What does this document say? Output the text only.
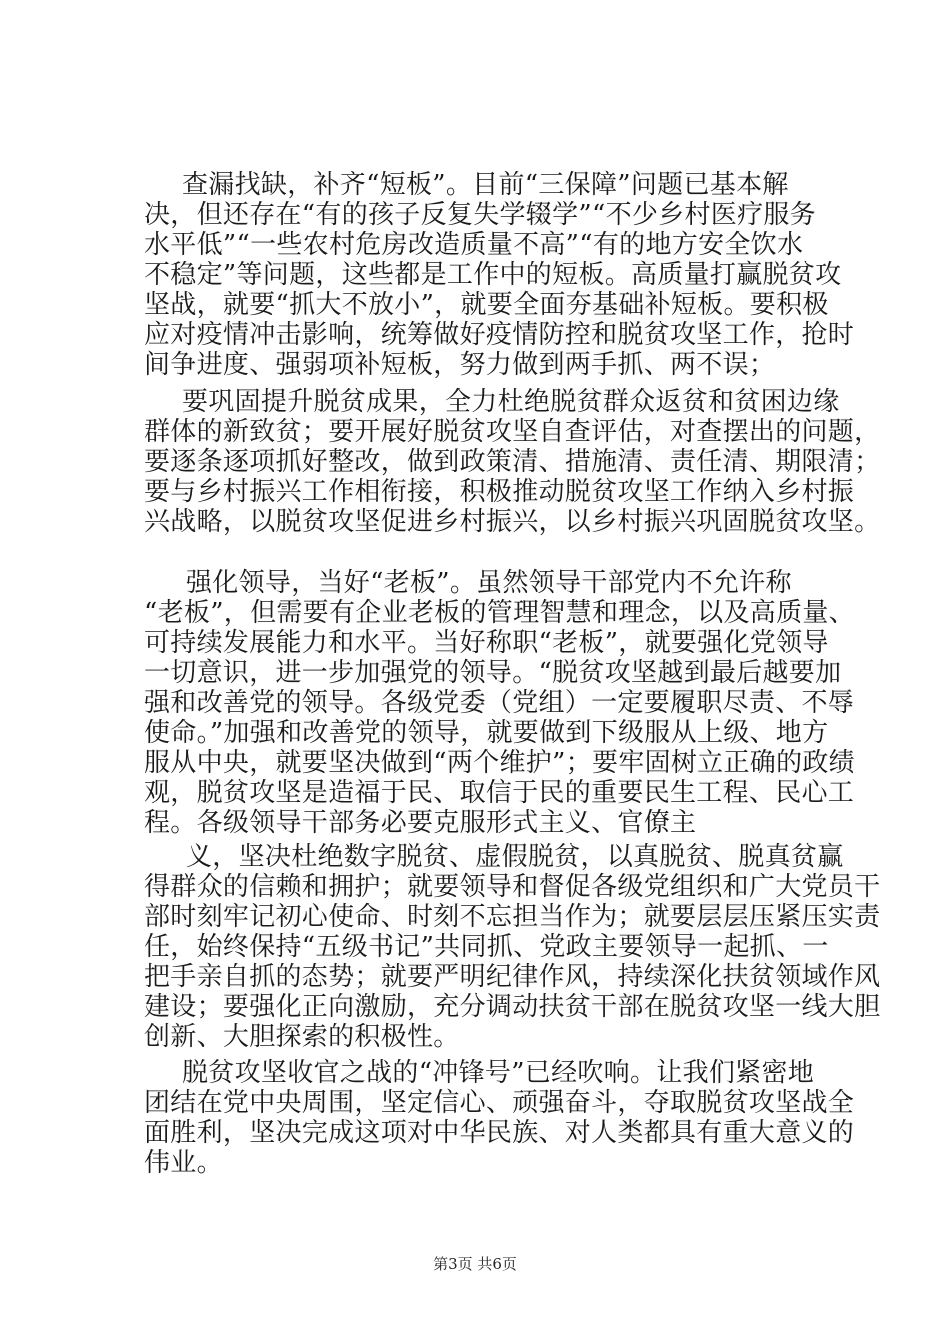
查漏找缺，补齐“短板”。目前“三保障”问题已基本解
决，但还存在“有的孩子反复失学辍学”“不少乡村医疗服务
水平低”“一些农村危房改造质量不高”“有的地方安全饮水
不稳定”等问题，这些都是工作中的短板。高质量打赢脱贫攻
坚战，就要“抓大不放小”，就要全面夯基础补短板。要积极
应对疫情冲击影响，统筹做好疫情防控和脱贫攻坚工作，抢时
间争进度、强弱项补短板，努力做到两手抓、两不误；
要巩固提升脱贫成果，全力杜绝脱贫群众返贫和贫困边缘
群体的新致贫；要开展好脱贫攻坚自查评估，对查摆出的问题，
要逐条逐项抓好整改，做到政策清、措施清、责任清、期限清；
要与乡村振兴工作相衔接，积极推动脱贫攻坚工作纳入乡村振
兴战略，以脱贫攻坚促进乡村振兴，以乡村振兴巩固脱贫攻坚。
强化领导，当好“老板”。虽然领导干部党内不允许称
“老板”，但需要有企业老板的管理智慧和理念，以及高质量、
可持续发展能力和水平。当好称职“老板”，就要强化党领导
一切意识，进一步加强党的领导。“脱贫攻坚越到最后越要加
强和改善党的领导。各级党委（党组）一定要履职尽责、不辱
使命。”加强和改善党的领导，就要做到下级服从上级、地方
服从中央，就要坚决做到“两个维护”；要牢固树立正确的政绩
观，脱贫攻坚是造福于民、取信于民的重要民生工程、民心工
程。各级领导干部务必要克服形式主义、官僚主
义，坚决杜绝数字脱贫、虚假脱贫，以真脱贫、脱真贫赢
得群众的信赖和拥护；就要领导和督促各级党组织和广大党员干
部时刻牢记初心使命、时刻不忘担当作为；就要层层压紧压实责
任，始终保持“五级书记”共同抓、党政主要领导一起抓、一
把手亲自抓的态势；就要严明纪律作风，持续深化扶贫领域作风
建设；要强化正向激励，充分调动扶贫干部在脱贫攻坚一线大胆
创新、大胆探索的积极性。
脱贫攻坚收官之战的“冲锋号”已经吹响。让我们紧密地
团结在党中央周围，坚定信心、顽强奋斗，夺取脱贫攻坚战全
面胜利，坚决完成这项对中华民族、对人类都具有重大意义的
伟业。
第3页 共6页
